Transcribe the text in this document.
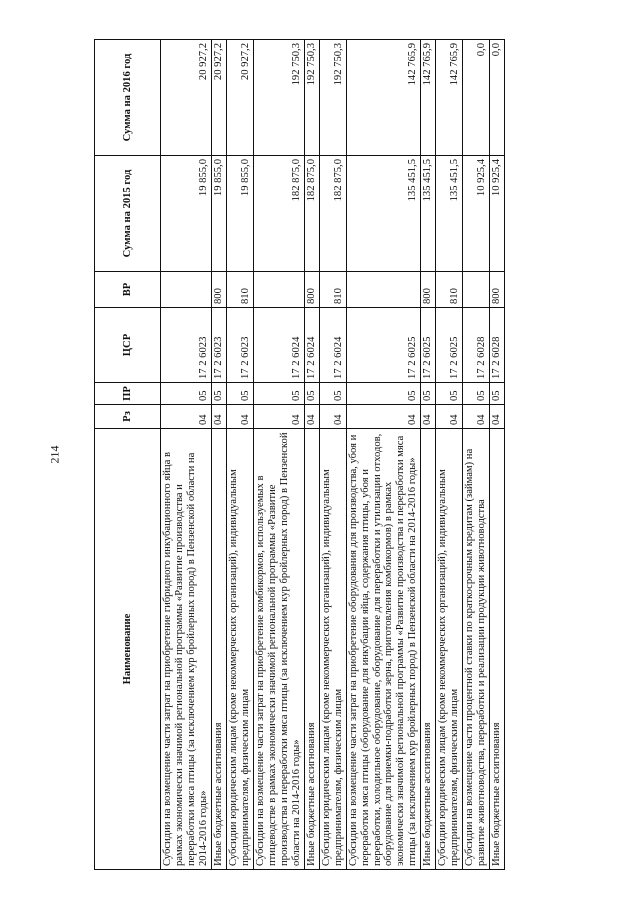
214
Наименование	Рз	ПР	ЦСР	ВР	Сумма на 2015 год	Сумма на 2016 год
Субсидии на возмещение части затрат на приобретение гибридного инкубационного яйца в рамках экономически значимой региональной программы «Развитие производства и переработки мяса птицы (за исключением кур бройлерных пород) в Пензенской области на 2014-2016 годы»	04	05	17 2 6023		19 855,0	20 927,2
Иные бюджетные ассигнования	04	05	17 2 6023	800	19 855,0	20 927,2
Субсидии юридическим лицам (кроме некоммерческих организаций), индивидуальным предпринимателям, физическим лицам	04	05	17 2 6023	810	19 855,0	20 927,2
Субсидии на возмещение части затрат на приобретение комбикормов, используемых в птицеводстве в рамках экономически значимой региональной программы «Развитие производства и переработки мяса птицы (за исключением кур бройлерных пород) в Пензенской области на 2014-2016 годы»	04	05	17 2 6024		182 875,0	192 750,3
Иные бюджетные ассигнования	04	05	17 2 6024	800	182 875,0	192 750,3
Субсидии юридическим лицам (кроме некоммерческих организаций), индивидуальным предпринимателям, физическим лицам	04	05	17 2 6024	810	182 875,0	192 750,3
Субсидии на возмещение части затрат на приобретение оборудования для производства, убоя и переработки мяса птицы (оборудование для инкубации яйца, содержания птицы, убоя и переработки, холодильное оборудование, оборудование для переработки и утилизации отходов, оборудование для приемки-подработки зерна, приготовления комбикормов) в рамках экономически значимой региональной программы «Развитие производства и переработки мяса птицы (за исключением кур бройлерных пород) в Пензенской области на 2014-2016 годы»	04	05	17 2 6025		135 451,5	142 765,9
Иные бюджетные ассигнования	04	05	17 2 6025	800	135 451,5	142 765,9
Субсидии юридическим лицам (кроме некоммерческих организаций), индивидуальным предпринимателям, физическим лицам	04	05	17 2 6025	810	135 451,5	142 765,9
Субсидии на возмещение части процентной ставки по краткосрочным кредитам (займам) на развитие животноводства, переработки и реализации продукции животноводства	04	05	17 2 6028		10 925,4	0,0
Иные бюджетные ассигнования	04	05	17 2 6028	800	10 925,4	0,0
